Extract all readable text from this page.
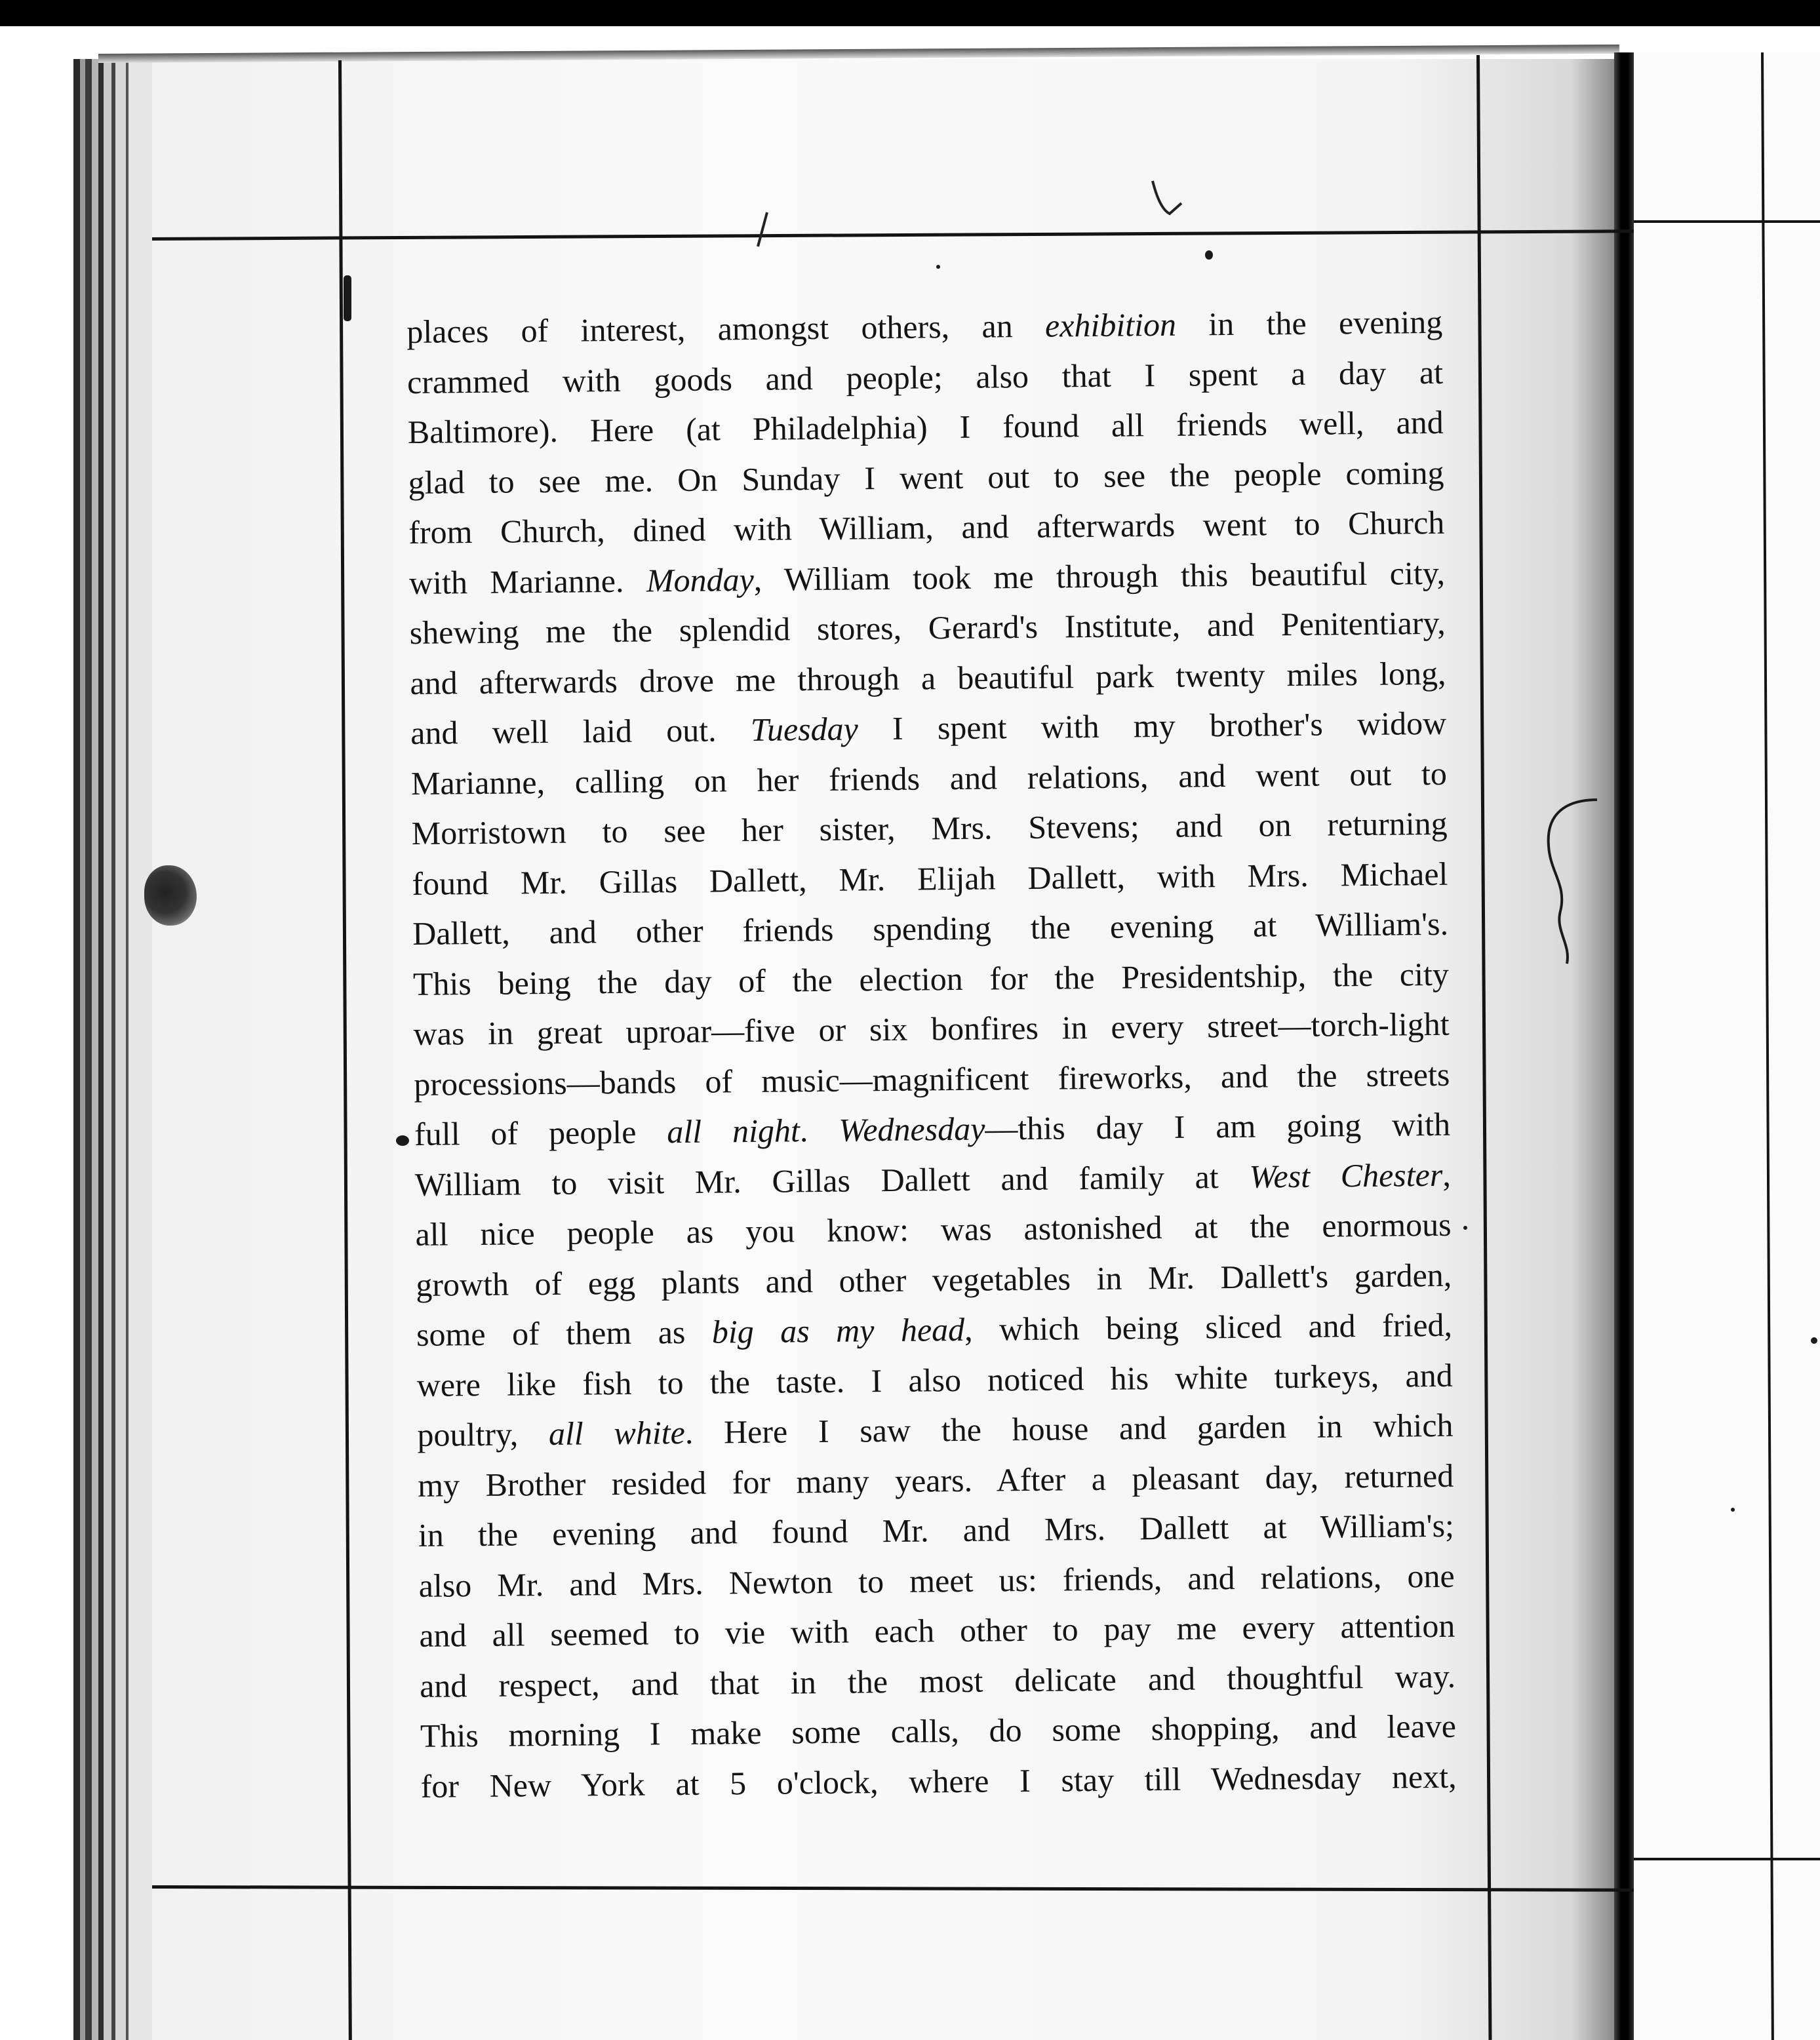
places of interest, amongst others, an exhibition in the evening
crammed with goods and people; also that I spent a day at
Baltimore). Here (at Philadelphia) I found all friends well, and
glad to see me. On Sunday I went out to see the people coming
from Church, dined with William, and afterwards went to Church
with Marianne. Monday, William took me through this beautiful city,
shewing me the splendid stores, Gerard's Institute, and Penitentiary,
and afterwards drove me through a beautiful park twenty miles long,
and well laid out. Tuesday I spent with my brother's widow
Marianne, calling on her friends and relations, and went out to
Morristown to see her sister, Mrs. Stevens; and on returning
found Mr. Gillas Dallett, Mr. Elijah Dallett, with Mrs. Michael
Dallett, and other friends spending the evening at William's.
This being the day of the election for the Presidentship, the city
was in great uproar—five or six bonfires in every street—torch-light
processions—bands of music—magnificent fireworks, and the streets
full of people all night. Wednesday—this day I am going with
William to visit Mr. Gillas Dallett and family at West Chester,
all nice people as you know: was astonished at the enormous
growth of egg plants and other vegetables in Mr. Dallett's garden,
some of them as big as my head, which being sliced and fried,
were like fish to the taste. I also noticed his white turkeys, and
poultry, all white. Here I saw the house and garden in which
my Brother resided for many years. After a pleasant day, returned
in the evening and found Mr. and Mrs. Dallett at William's;
also Mr. and Mrs. Newton to meet us: friends, and relations, one
and all seemed to vie with each other to pay me every attention
and respect, and that in the most delicate and thoughtful way.
This morning I make some calls, do some shopping, and leave
for New York at 5 o'clock, where I stay till Wednesday next,
